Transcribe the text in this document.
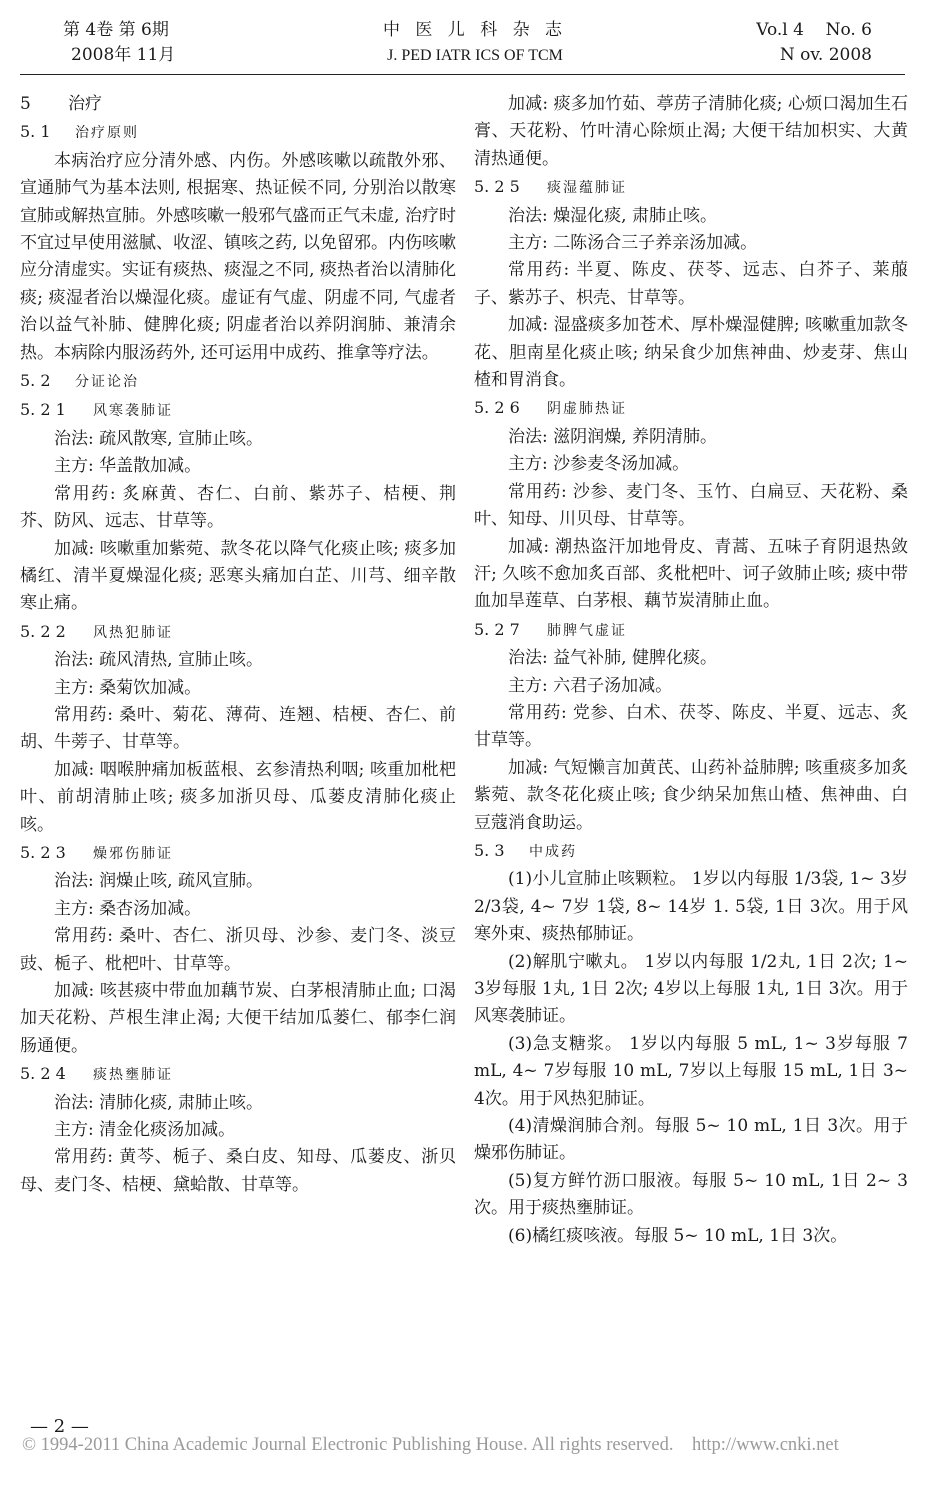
第 4卷 第 6期
2008年 11月
中 医 儿 科 杂 志
J. PED IATR ICS OF TCM
Vo.l 4    No. 6
N ov. 2008
5 治疗
5. 1 治疗原则

本病治疗应分清外感、内伤。外感咳嗽以疏散外邪、宣通肺气为基本法则, 根据寒、热证候不同, 分别治以散寒宣肺或解热宣肺。外感咳嗽一般邪气盛而正气未虚, 治疗时不宜过早使用滋腻、收涩、镇咳之药, 以免留邪。内伤咳嗽应分清虚实。实证有痰热、痰湿之不同, 痰热者治以清肺化痰; 痰湿者治以燥湿化痰。虚证有气虚、阴虚不同, 气虚者治以益气补肺、健脾化痰; 阴虚者治以养阴润肺、兼清余热。本病除内服汤药外, 还可运用中成药、推拿等疗法。

5. 2 分证论治
5. 2 1 风寒袭肺证

治法: 疏风散寒, 宣肺止咳。

主方: 华盖散加减。

常用药: 炙麻黄、杏仁、白前、紫苏子、桔梗、荆芥、防风、远志、甘草等。

加减: 咳嗽重加紫菀、款冬花以降气化痰止咳; 痰多加橘红、清半夏燥湿化痰; 恶寒头痛加白芷、川芎、细辛散寒止痛。

5. 2 2 风热犯肺证

治法: 疏风清热, 宣肺止咳。

主方: 桑菊饮加减。

常用药: 桑叶、菊花、薄荷、连翘、桔梗、杏仁、前胡、牛蒡子、甘草等。

加减: 咽喉肿痛加板蓝根、玄参清热利咽; 咳重加枇杷叶、前胡清肺止咳; 痰多加浙贝母、瓜蒌皮清肺化痰止咳。

5. 2 3 燥邪伤肺证

治法: 润燥止咳, 疏风宣肺。

主方: 桑杏汤加减。

常用药: 桑叶、杏仁、浙贝母、沙参、麦门冬、淡豆豉、栀子、枇杷叶、甘草等。

加减: 咳甚痰中带血加藕节炭、白茅根清肺止血; 口渴加天花粉、芦根生津止渴; 大便干结加瓜蒌仁、郁李仁润肠通便。

5. 2 4 痰热壅肺证

治法: 清肺化痰, 肃肺止咳。

主方: 清金化痰汤加减。

常用药: 黄芩、栀子、桑白皮、知母、瓜蒌皮、浙贝母、麦门冬、桔梗、黛蛤散、甘草等。

加减: 痰多加竹茹、葶苈子清肺化痰; 心烦口渴加生石膏、天花粉、竹叶清心除烦止渴; 大便干结加枳实、大黄清热通便。

5. 2 5 痰湿蕴肺证

治法: 燥湿化痰, 肃肺止咳。

主方: 二陈汤合三子养亲汤加减。

常用药: 半夏、陈皮、茯苓、远志、白芥子、莱菔子、紫苏子、枳壳、甘草等。

加减: 湿盛痰多加苍术、厚朴燥湿健脾; 咳嗽重加款冬花、胆南星化痰止咳; 纳呆食少加焦神曲、炒麦芽、焦山楂和胃消食。

5. 2 6 阴虚肺热证

治法: 滋阴润燥, 养阴清肺。

主方: 沙参麦冬汤加减。

常用药: 沙参、麦门冬、玉竹、白扁豆、天花粉、桑叶、知母、川贝母、甘草等。

加减: 潮热盗汗加地骨皮、青蒿、五味子育阴退热敛汗; 久咳不愈加炙百部、炙枇杷叶、诃子敛肺止咳; 痰中带血加旱莲草、白茅根、藕节炭清肺止血。

5. 2 7 肺脾气虚证

治法: 益气补肺, 健脾化痰。

主方: 六君子汤加减。

常用药: 党参、白术、茯苓、陈皮、半夏、远志、炙甘草等。

加减: 气短懒言加黄芪、山药补益肺脾; 咳重痰多加炙紫菀、款冬花化痰止咳; 食少纳呆加焦山楂、焦神曲、白豆蔻消食助运。

5. 3 中成药

(1)小儿宣肺止咳颗粒。 1岁以内每服 1/3袋, 1~ 3岁 2/3袋, 4~ 7岁 1袋, 8~ 14岁 1. 5袋, 1日 3次。用于风寒外束、痰热郁肺证。

(2)解肌宁嗽丸。 1岁以内每服 1/2丸, 1日 2次; 1~ 3岁每服 1丸, 1日 2次; 4岁以上每服 1丸, 1日 3次。用于风寒袭肺证。

(3)急支糖浆。 1岁以内每服 5 mL, 1~ 3岁每服 7 mL, 4~ 7岁每服 10 mL, 7岁以上每服 15 mL, 1日 3~ 4次。用于风热犯肺证。

(4)清燥润肺合剂。每服 5~ 10 mL, 1日 3次。用于燥邪伤肺证。

(5)复方鲜竹沥口服液。每服 5~ 10 mL, 1日 2~ 3次。用于痰热壅肺证。

(6)橘红痰咳液。每服 5~ 10 mL, 1日 3次。

— 2 —
© 1994-2011 China Academic Journal Electronic Publishing House. All rights reserved.    http://www.cnki.net
